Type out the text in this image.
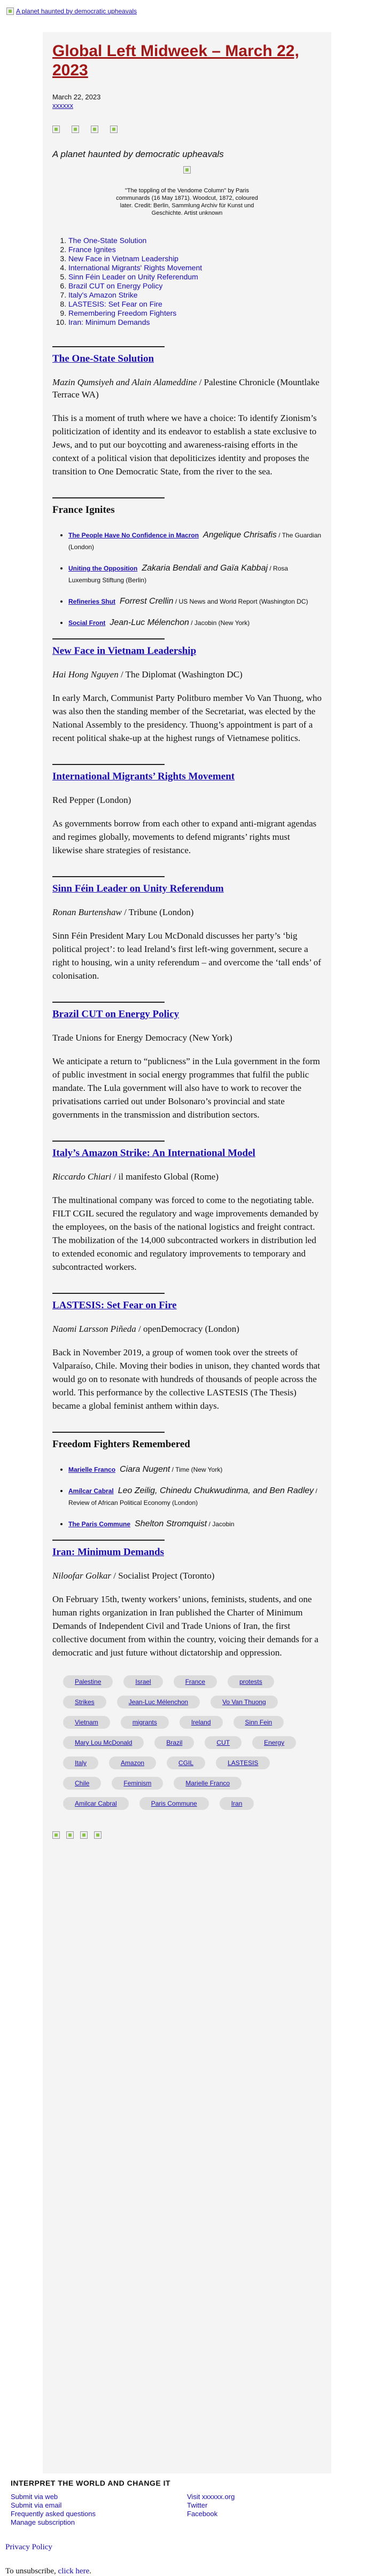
A planet haunted by democratic upheavals
Global Left Midweek – March 22, 2023
March 22, 2023
xxxxxx
A planet haunted by democratic upheavals
"The toppling of the Vendome Column" by Paris communards (16 May 1871). Woodcut, 1872, coloured later. Credit: Berlin, Sammlung Archiv für Kunst und Geschichte. Artist unknown
1. The One-State Solution
2. France Ignites
3. New Face in Vietnam Leadership
4. International Migrants' Rights Movement
5. Sinn Féin Leader on Unity Referendum
6. Brazil CUT on Energy Policy
7. Italy's Amazon Strike
8. LASTESIS: Set Fear on Fire
9. Remembering Freedom Fighters
10. Iran: Minimum Demands
The One-State Solution
Mazin Qumsiyeh and Alain Alameddine / Palestine Chronicle (Mountlake Terrace WA)
This is a moment of truth where we have a choice: To identify Zionism’s politicization of identity and its endeavor to establish a state exclusive to Jews, and to put our boycotting and awareness-raising efforts in the context of a political vision that depoliticizes identity and proposes the transition to One Democratic State, from the river to the sea.
France Ignites
• The People Have No Confidence in Macron Angelique Chrisafis / The Guardian (London)
• Uniting the Opposition Zakaria Bendali and Gaïa Kabbaj / Rosa Luxemburg Stiftung (Berlin)
• Refineries Shut Forrest Crellin / US News and World Report (Washington DC)
• Social Front Jean-Luc Mélenchon / Jacobin (New York)
New Face in Vietnam Leadership
Hai Hong Nguyen / The Diplomat (Washington DC)
In early March, Communist Party Politburo member Vo Van Thuong, who was also then the standing member of the Secretariat, was elected by the National Assembly to the presidency. Thuong’s appointment is part of a recent political shake-up at the highest rungs of Vietnamese politics.
International Migrants’ Rights Movement
Red Pepper (London)
As governments borrow from each other to expand anti-migrant agendas and regimes globally, movements to defend migrants’ rights must likewise share strategies of resistance.
Sinn Féin Leader on Unity Referendum
Ronan Burtenshaw / Tribune (London)
Sinn Féin President Mary Lou McDonald discusses her party’s ‘big political project’: to lead Ireland’s first left-wing government, secure a right to housing, win a unity referendum – and overcome the ‘tall ends’ of colonisation.
Brazil CUT on Energy Policy
Trade Unions for Energy Democracy (New York)
We anticipate a return to “publicness” in the Lula government in the form of public investment in social energy programmes that fulfil the public mandate. The Lula government will also have to work to recover the privatisations carried out under Bolsonaro’s provincial and state governments in the transmission and distribution sectors.
Italy’s Amazon Strike: An International Model
Riccardo Chiari / il manifesto Global (Rome)
The multinational company was forced to come to the negotiating table. FILT CGIL secured the regulatory and wage improvements demanded by the employees, on the basis of the national logistics and freight contract. The mobilization of the 14,000 subcontracted workers in distribution led to extended economic and regulatory improvements to temporary and subcontracted workers.
LASTESIS: Set Fear on Fire
Naomi Larsson Piñeda / openDemocracy (London)
Back in November 2019, a group of women took over the streets of Valparaíso, Chile. Moving their bodies in unison, they chanted words that would go on to resonate with hundreds of thousands of people across the world. This performance by the collective LASTESIS (The Thesis) became a global feminist anthem within days.
Freedom Fighters Remembered
• Marielle Franco Ciara Nugent / Time (New York)
• Amílcar Cabral Leo Zeilig, Chinedu Chukwudinma, and Ben Radley / Review of African Political Economy (London)
• The Paris Commune Shelton Stromquist / Jacobin
Iran: Minimum Demands
Niloofar Golkar / Socialist Project (Toronto)
On February 15th, twenty workers’ unions, feminists, students, and one human rights organization in Iran published the Charter of Minimum Demands of Independent Civil and Trade Unions of Iran, the first collective document from within the country, voicing their demands for a democratic and just future without dictatorship and oppression.
Palestine	Israel	France	protests
Strikes	Jean-Luc Mélenchon	Vo Van Thuong
Vietnam	migrants	Ireland	Sinn Fein
Mary Lou McDonald	Brazil	CUT	Energy
Italy	Amazon	CGIL	LASTESIS
Chile	Feminism	Marielle Franco
Amilcar Cabral	Paris Commune	Iran
INTERPRET THE WORLD AND CHANGE IT
Submit via web
Submit via email
Frequently asked questions
Manage subscription
Visit xxxxxx.org
Twitter
Facebook
Privacy Policy
To unsubscribe, click here.
